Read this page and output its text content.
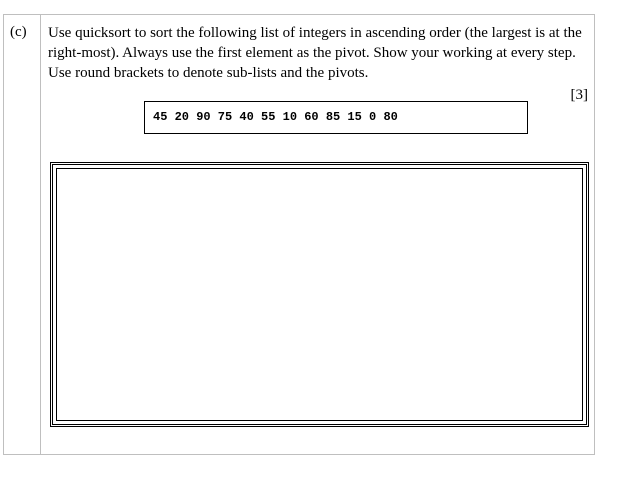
(c) Use quicksort to sort the following list of integers in ascending order (the largest is at the right-most). Always use the first element as the pivot. Show your working at every step. Use round brackets to denote sub-lists and the pivots.

[3]
45 20 90 75 40 55 10 60 85 15 0 80
